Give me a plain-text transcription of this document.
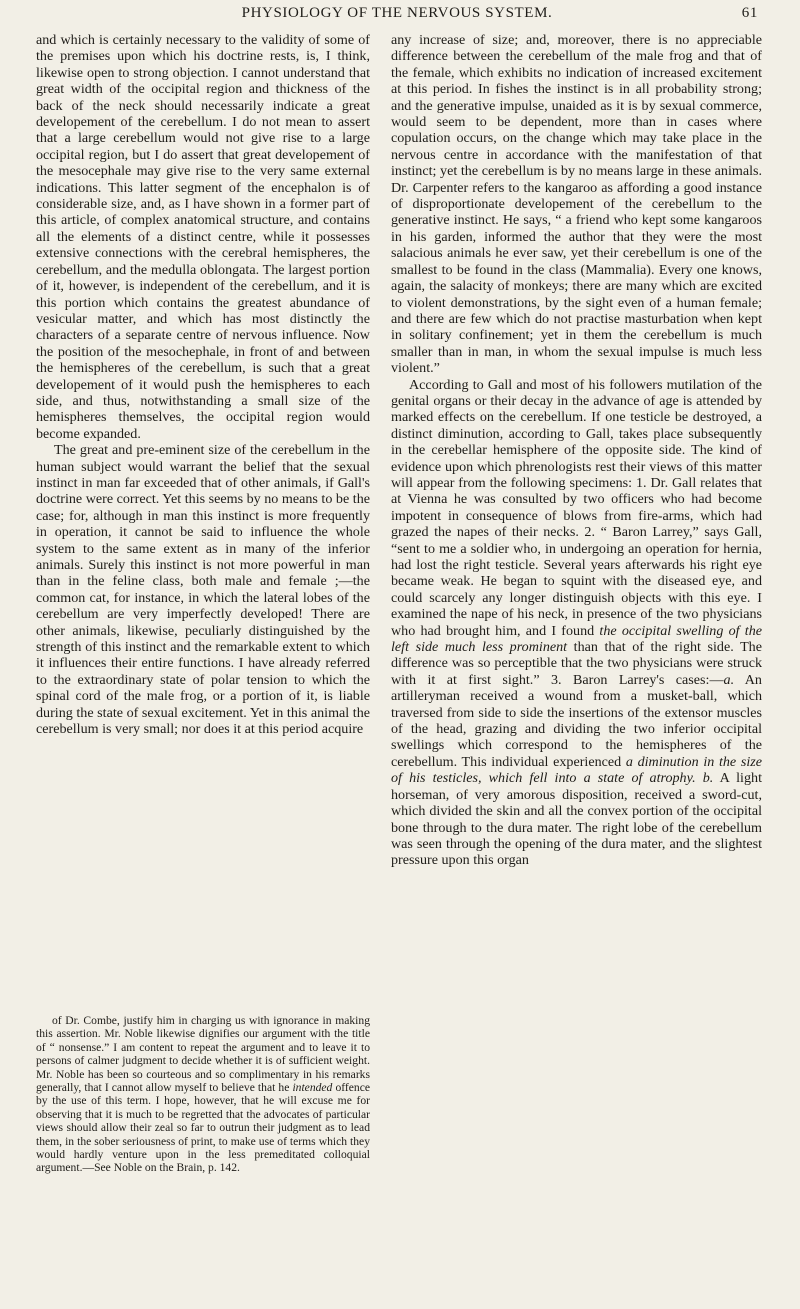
PHYSIOLOGY OF THE NERVOUS SYSTEM.	61

and which is certainly necessary to the validity of some of the premises upon which his doctrine rests, is, I think, likewise open to strong objection. I cannot understand that great width of the occipital region and thickness of the back of the neck should necessarily indicate a great developement of the cerebellum. I do not mean to assert that a large cerebellum would not give rise to a large occipital region, but I do assert that great developement of the mesocephale may give rise to the very same external indications. This latter segment of the encephalon is of considerable size, and, as I have shown in a former part of this article, of complex anatomical structure, and contains all the elements of a distinct centre, while it possesses extensive connections with the cerebral hemispheres, the cerebellum, and the medulla oblongata. The largest portion of it, however, is independent of the cerebellum, and it is this portion which contains the greatest abundance of vesicular matter, and which has most distinctly the characters of a separate centre of nervous influence. Now the position of the mesochephale, in front of and between the hemispheres of the cerebellum, is such that a great developement of it would push the hemispheres to each side, and thus, notwithstanding a small size of the hemispheres themselves, the occipital region would become expanded.

The great and pre-eminent size of the cerebellum in the human subject would warrant the belief that the sexual instinct in man far exceeded that of other animals, if Gall's doctrine were correct. Yet this seems by no means to be the case; for, although in man this instinct is more frequently in operation, it cannot be said to influence the whole system to the same extent as in many of the inferior animals. Surely this instinct is not more powerful in man than in the feline class, both male and female ;—the common cat, for instance, in which the lateral lobes of the cerebellum are very imperfectly developed! There are other animals, likewise, peculiarly distinguished by the strength of this instinct and the remarkable extent to which it influences their entire functions. I have already referred to the extraordinary state of polar tension to which the spinal cord of the male frog, or a portion of it, is liable during the state of sexual excitement. Yet in this animal the cerebellum is very small; nor does it at this period acquire

of Dr. Combe, justify him in charging us with ignorance in making this assertion. Mr. Noble likewise dignifies our argument with the title of “ nonsense.” I am content to repeat the argument and to leave it to persons of calmer judgment to decide whether it is of sufficient weight. Mr. Noble has been so courteous and so complimentary in his remarks generally, that I cannot allow myself to believe that he intended offence by the use of this term. I hope, however, that he will excuse me for observing that it is much to be regretted that the advocates of particular views should allow their zeal so far to outrun their judgment as to lead them, in the sober seriousness of print, to make use of terms which they would hardly venture upon in the less premeditated colloquial argument.—See Noble on the Brain, p. 142.

any increase of size; and, moreover, there is no appreciable difference between the cerebellum of the male frog and that of the female, which exhibits no indication of increased excitement at this period. In fishes the instinct is in all probability strong; and the generative impulse, unaided as it is by sexual commerce, would seem to be dependent, more than in cases where copulation occurs, on the change which may take place in the nervous centre in accordance with the manifestation of that instinct; yet the cerebellum is by no means large in these animals. Dr. Carpenter refers to the kangaroo as affording a good instance of disproportionate developement of the cerebellum to the generative instinct. He says, “ a friend who kept some kangaroos in his garden, informed the author that they were the most salacious animals he ever saw, yet their cerebellum is one of the smallest to be found in the class (Mammalia). Every one knows, again, the salacity of monkeys; there are many which are excited to violent demonstrations, by the sight even of a human female; and there are few which do not practise masturbation when kept in solitary confinement; yet in them the cerebellum is much smaller than in man, in whom the sexual impulse is much less violent.”

According to Gall and most of his followers mutilation of the genital organs or their decay in the advance of age is attended by marked effects on the cerebellum. If one testicle be destroyed, a distinct diminution, according to Gall, takes place subsequently in the cerebellar hemisphere of the opposite side. The kind of evidence upon which phrenologists rest their views of this matter will appear from the following specimens: 1. Dr. Gall relates that at Vienna he was consulted by two officers who had become impotent in consequence of blows from fire-arms, which had grazed the napes of their necks. 2. “ Baron Larrey,” says Gall, “sent to me a soldier who, in undergoing an operation for hernia, had lost the right testicle. Several years afterwards his right eye became weak. He began to squint with the diseased eye, and could scarcely any longer distinguish objects with this eye. I examined the nape of his neck, in presence of the two physicians who had brought him, and I found the occipital swelling of the left side much less prominent than that of the right side. The difference was so perceptible that the two physicians were struck with it at first sight.” 3. Baron Larrey's cases:—a. An artilleryman received a wound from a musket-ball, which traversed from side to side the insertions of the extensor muscles of the head, grazing and dividing the two inferior occipital swellings which correspond to the hemispheres of the cerebellum. This individual experienced a diminution in the size of his testicles, which fell into a state of atrophy. b. A light horseman, of very amorous disposition, received a sword-cut, which divided the skin and all the convex portion of the occipital bone through to the dura mater. The right lobe of the cerebellum was seen through the opening of the dura mater, and the slightest pressure upon this organ
